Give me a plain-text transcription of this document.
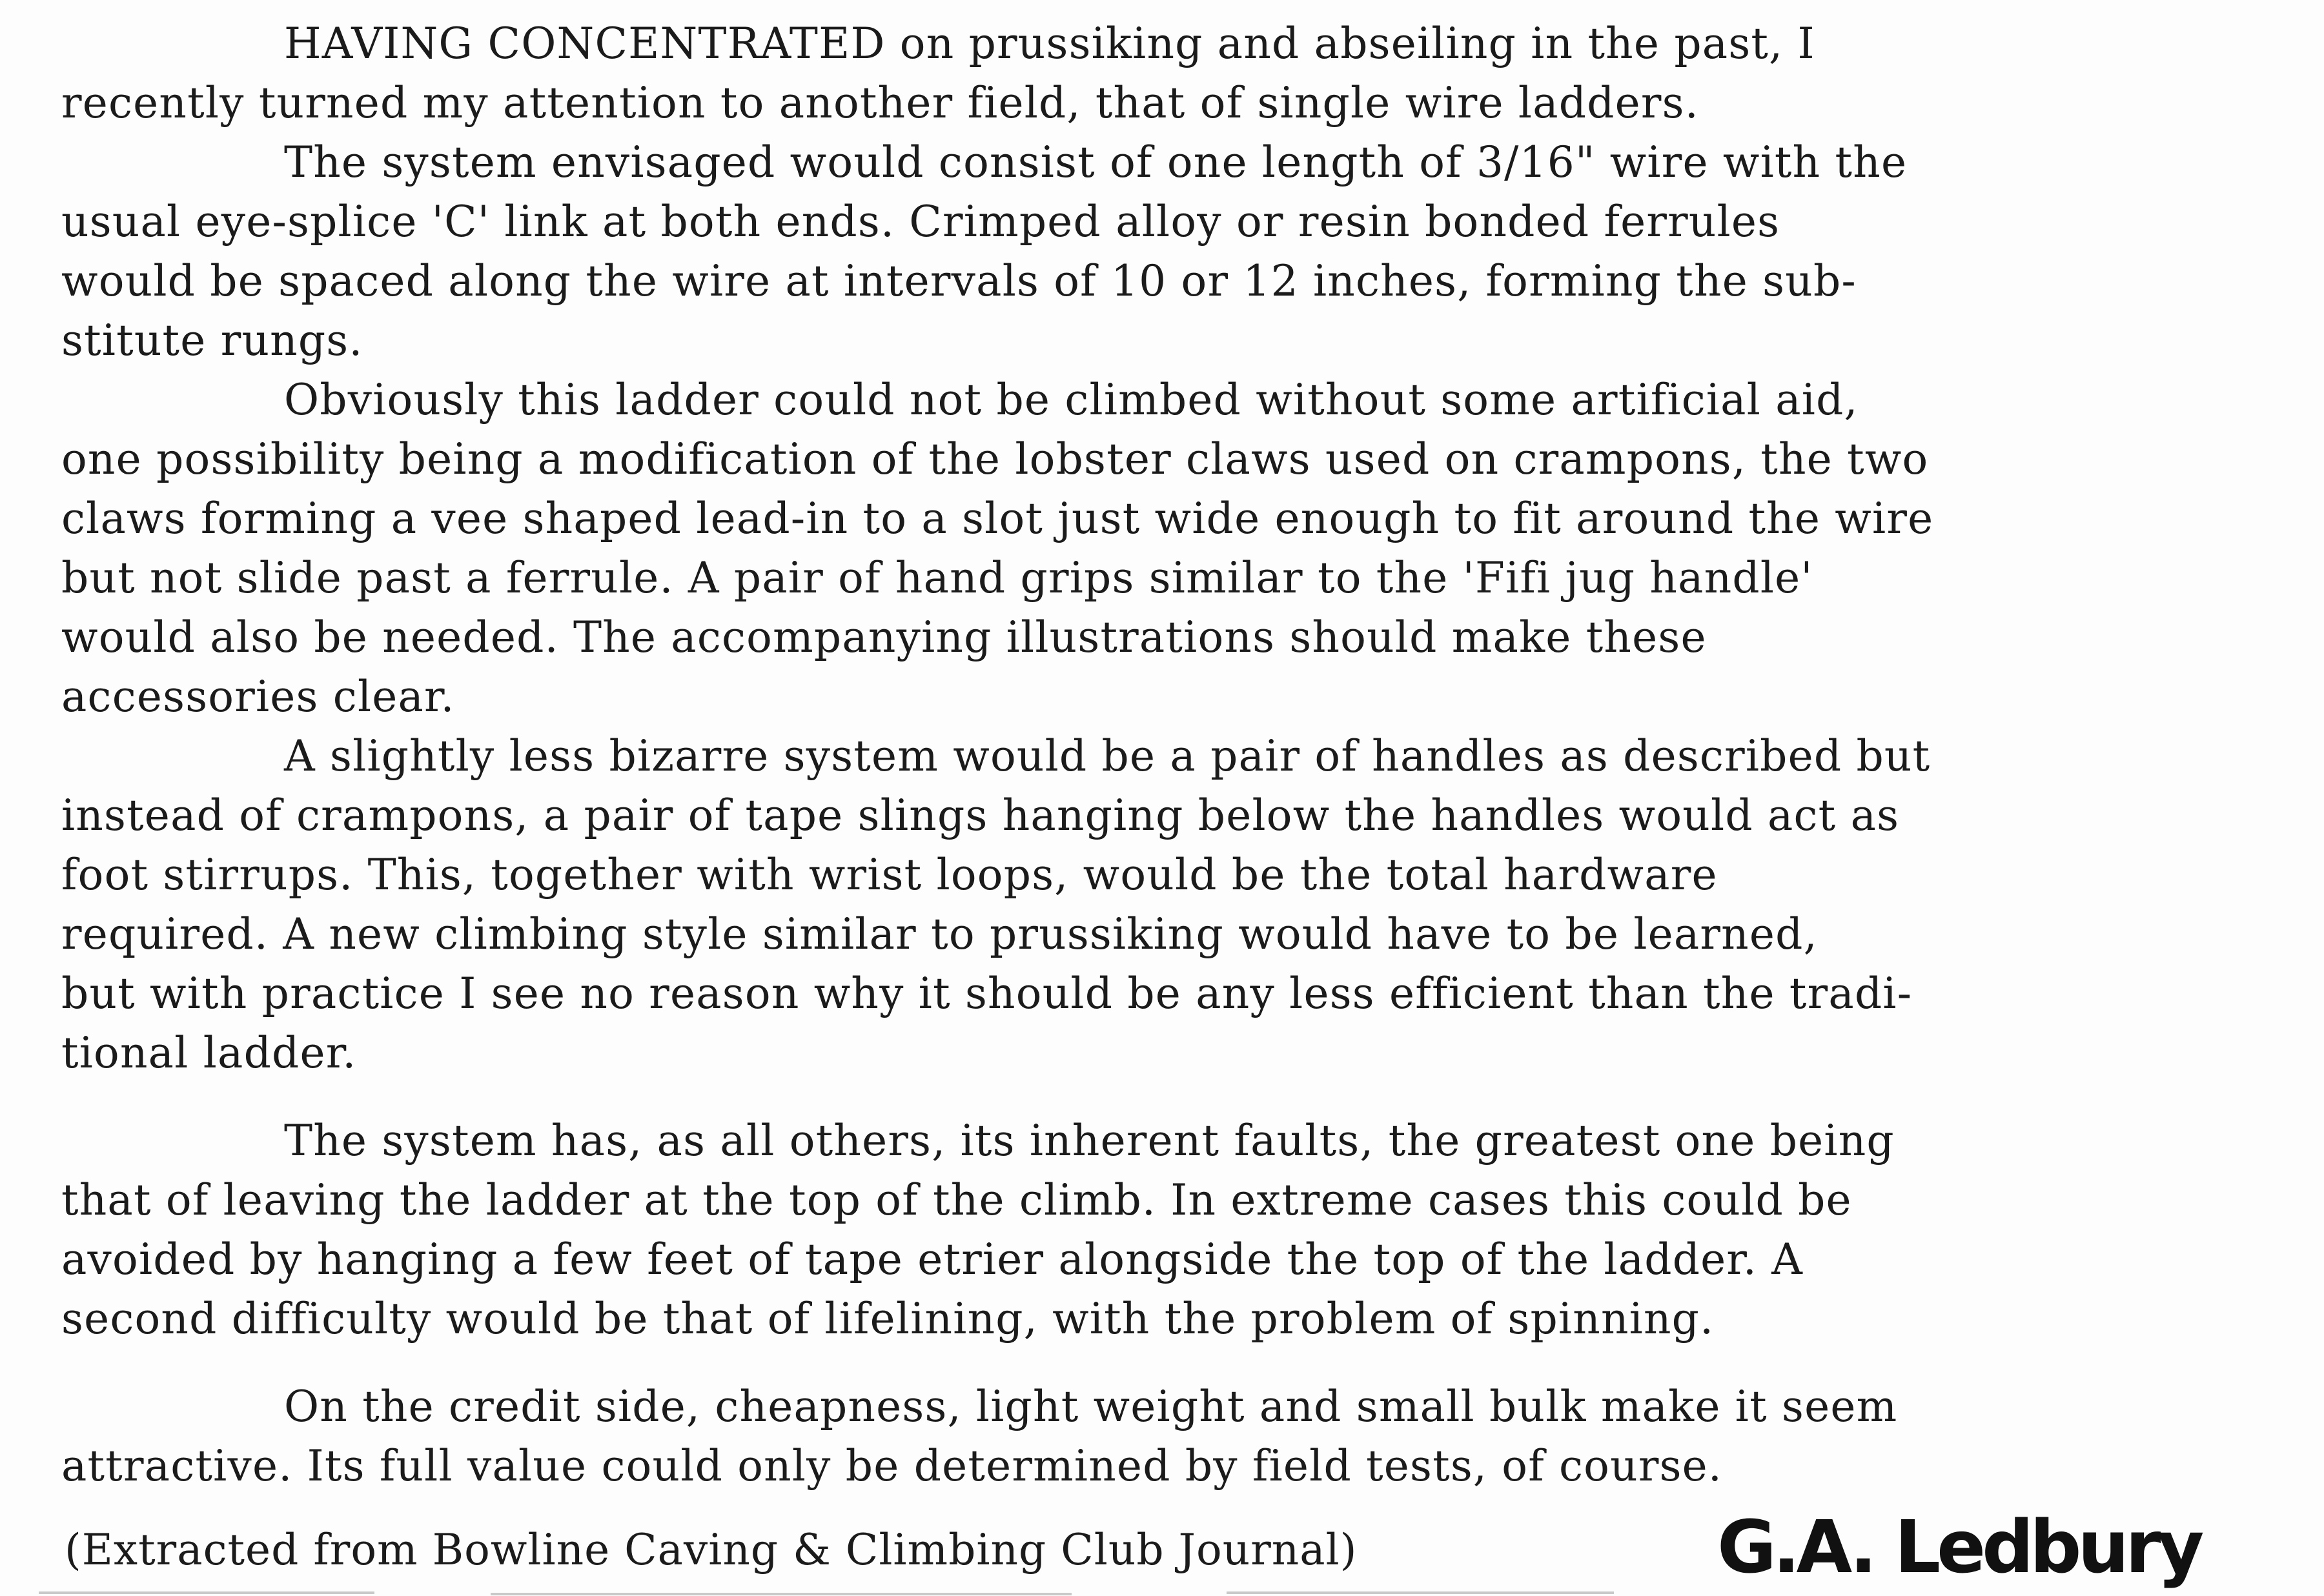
HAVING CONCENTRATED on prussiking and abseiling in the past, I
recently turned my attention to another field, that of single wire ladders.
The system envisaged would consist of one length of 3/16" wire with the
usual eye-splice 'C' link at both ends. Crimped alloy or resin bonded ferrules
would be spaced along the wire at intervals of 10 or 12 inches, forming the sub-
stitute rungs.
Obviously this ladder could not be climbed without some artificial aid,
one possibility being a modification of the lobster claws used on crampons, the two
claws forming a vee shaped lead-in to a slot just wide enough to fit around the wire
but not slide past a ferrule. A pair of hand grips similar to the 'Fifi jug handle'
would also be needed. The accompanying illustrations should make these
accessories clear.
A slightly less bizarre system would be a pair of handles as described but
instead of crampons, a pair of tape slings hanging below the handles would act as
foot stirrups. This, together with wrist loops, would be the total hardware
required. A new climbing style similar to prussiking would have to be learned,
but with practice I see no reason why it should be any less efficient than the tradi-
tional ladder.
The system has, as all others, its inherent faults, the greatest one being
that of leaving the ladder at the top of the climb. In extreme cases this could be
avoided by hanging a few feet of tape etrier alongside the top of the ladder. A
second difficulty would be that of lifelining, with the problem of spinning.
On the credit side, cheapness, light weight and small bulk make it seem
attractive. Its full value could only be determined by field tests, of course.
(Extracted from Bowline Caving & Climbing Club Journal)	G.A. Ledbury
